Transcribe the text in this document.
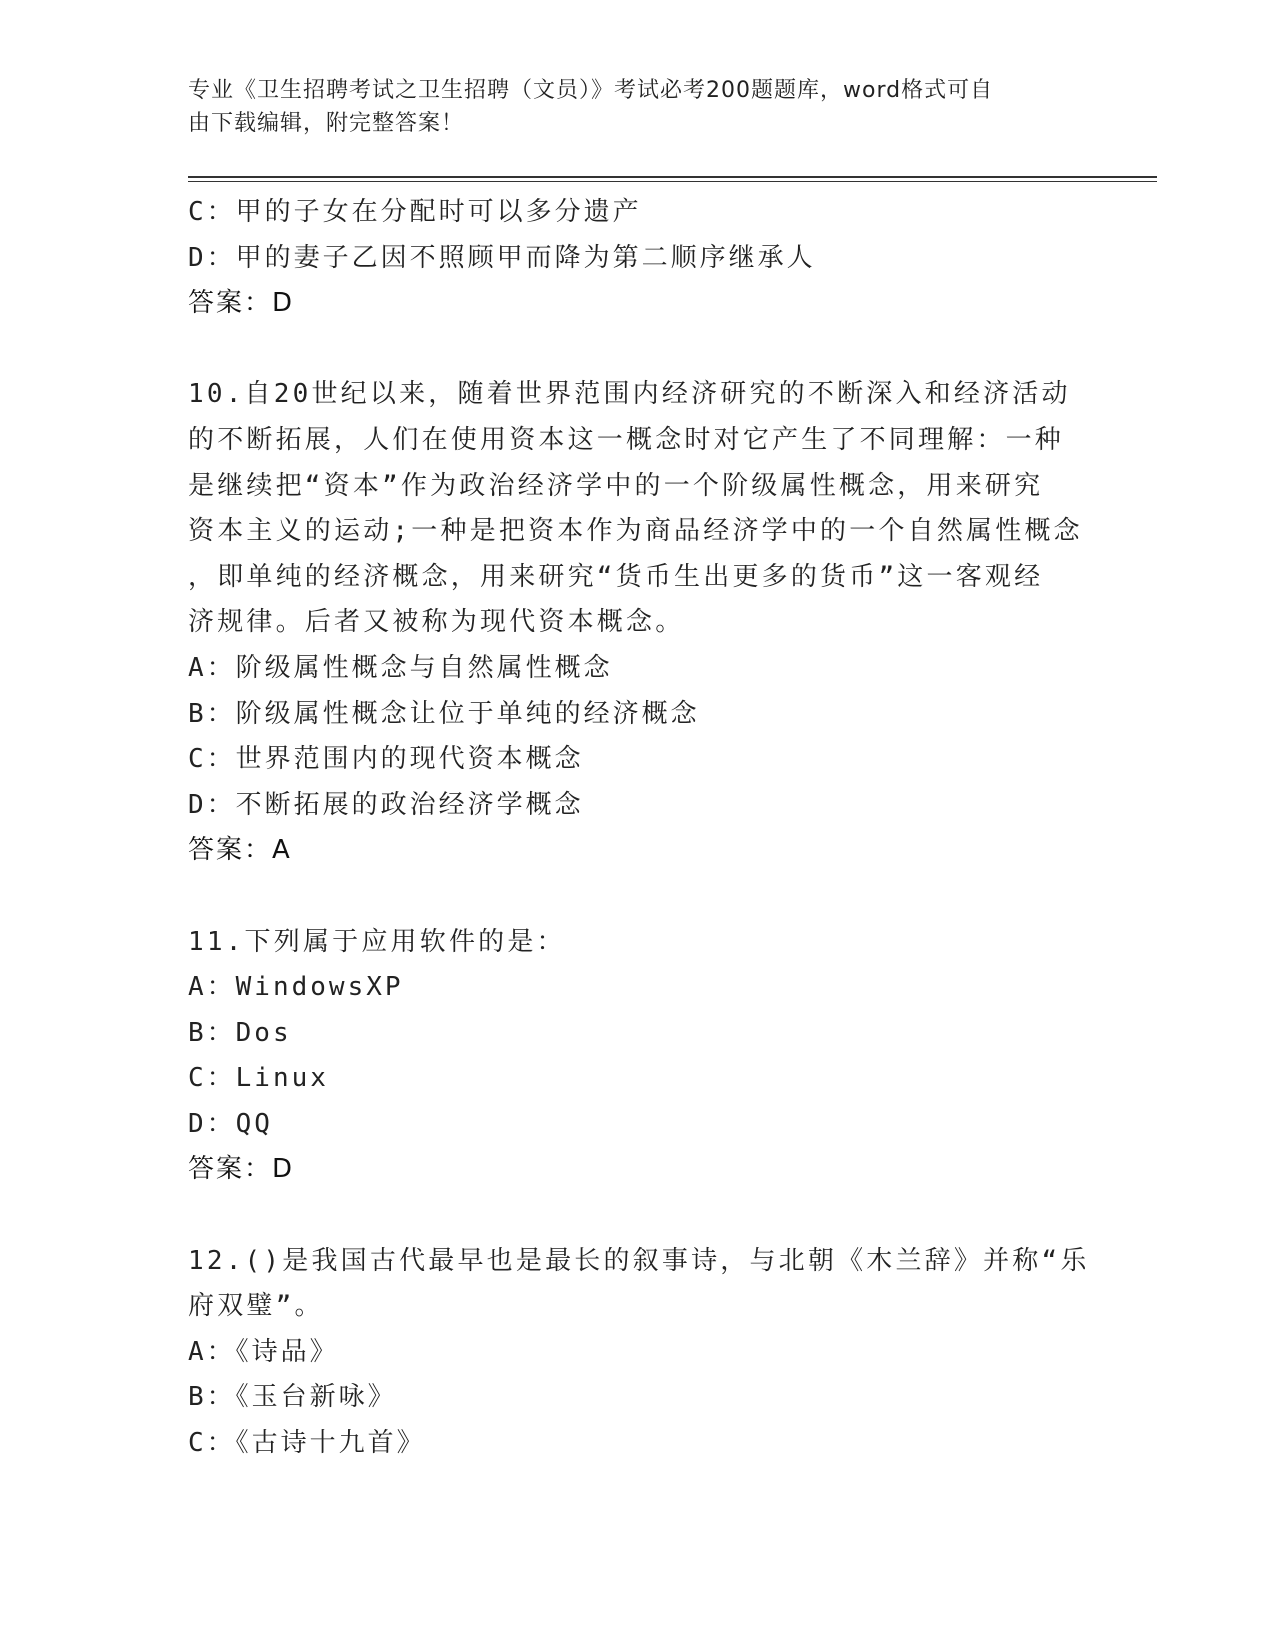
专业《卫生招聘考试之卫生招聘（文员）》考试必考200题题库，word格式可自
由下载编辑，附完整答案！
C：甲的子女在分配时可以多分遗产
D：甲的妻子乙因不照顾甲而降为第二顺序继承人
答案：D
10.自20世纪以来，随着世界范围内经济研究的不断深入和经济活动
的不断拓展，人们在使用资本这一概念时对它产生了不同理解：一种
是继续把“资本”作为政治经济学中的一个阶级属性概念，用来研究
资本主义的运动;一种是把资本作为商品经济学中的一个自然属性概念
，即单纯的经济概念，用来研究“货币生出更多的货币”这一客观经
济规律。后者又被称为现代资本概念。
A：阶级属性概念与自然属性概念
B：阶级属性概念让位于单纯的经济概念
C：世界范围内的现代资本概念
D：不断拓展的政治经济学概念
答案：A
11.下列属于应用软件的是：
A：WindowsXP
B：Dos
C：Linux
D：QQ
答案：D
12.()是我国古代最早也是最长的叙事诗，与北朝《木兰辞》并称“乐
府双璧”。
A：《诗品》
B：《玉台新咏》
C：《古诗十九首》
